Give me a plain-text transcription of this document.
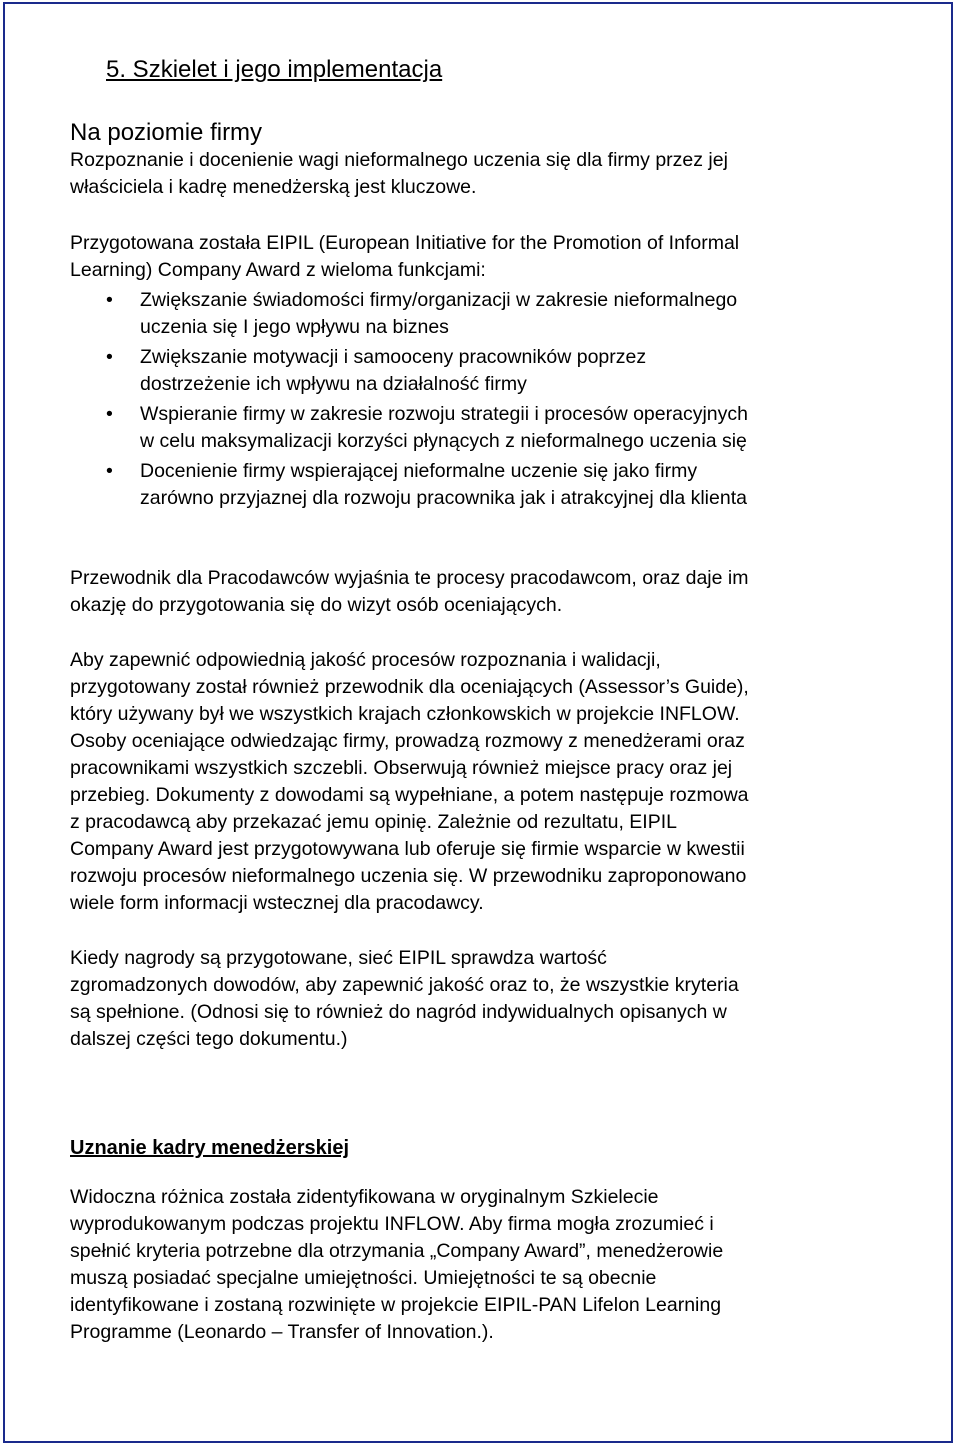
5. Szkielet i jego implementacja
Na poziomie firmy
Rozpoznanie i docenienie wagi nieformalnego uczenia się dla firmy przez jej
właściciela i kadrę menedżerską jest kluczowe.
Przygotowana została EIPIL (European Initiative for the Promotion of Informal
Learning) Company Award z wieloma funkcjami:
• Zwiększanie świadomości firmy/organizacji w zakresie nieformalnego
uczenia się I jego wpływu na biznes
• Zwiększanie motywacji i samooceny pracowników poprzez
dostrzeżenie ich wpływu na działalność firmy
• Wspieranie firmy w zakresie rozwoju strategii i procesów operacyjnych
w celu maksymalizacji korzyści płynących z nieformalnego uczenia się
• Docenienie firmy wspierającej nieformalne uczenie się jako firmy
zarówno przyjaznej dla rozwoju pracownika jak i atrakcyjnej dla klienta
Przewodnik dla Pracodawców wyjaśnia te procesy pracodawcom, oraz daje im
okazję do przygotowania się do wizyt osób oceniających.
Aby zapewnić odpowiednią jakość procesów rozpoznania i walidacji,
przygotowany został również przewodnik dla oceniających (Assessor’s Guide),
który używany był we wszystkich krajach członkowskich w projekcie INFLOW.
Osoby oceniające odwiedzając firmy, prowadzą rozmowy z menedżerami oraz
pracownikami wszystkich szczebli. Obserwują również miejsce pracy oraz jej
przebieg. Dokumenty z dowodami są wypełniane, a potem następuje rozmowa
z pracodawcą aby przekazać jemu opinię. Zależnie od rezultatu, EIPIL
Company Award jest przygotowywana lub oferuje się firmie wsparcie w kwestii
rozwoju procesów nieformalnego uczenia się. W przewodniku zaproponowano
wiele form informacji wstecznej dla pracodawcy.
Kiedy nagrody są przygotowane, sieć EIPIL sprawdza wartość
zgromadzonych dowodów, aby zapewnić jakość oraz to, że wszystkie kryteria
są spełnione. (Odnosi się to również do nagród indywidualnych opisanych w
dalszej części tego dokumentu.)
Uznanie kadry menedżerskiej
Widoczna różnica została zidentyfikowana w oryginalnym Szkielecie
wyprodukowanym podczas projektu INFLOW. Aby firma mogła zrozumieć i
spełnić kryteria potrzebne dla otrzymania „Company Award”, menedżerowie
muszą posiadać specjalne umiejętności. Umiejętności te są obecnie
identyfikowane i zostaną rozwinięte w projekcie EIPIL-PAN Lifelon Learning
Programme (Leonardo – Transfer of Innovation.).
